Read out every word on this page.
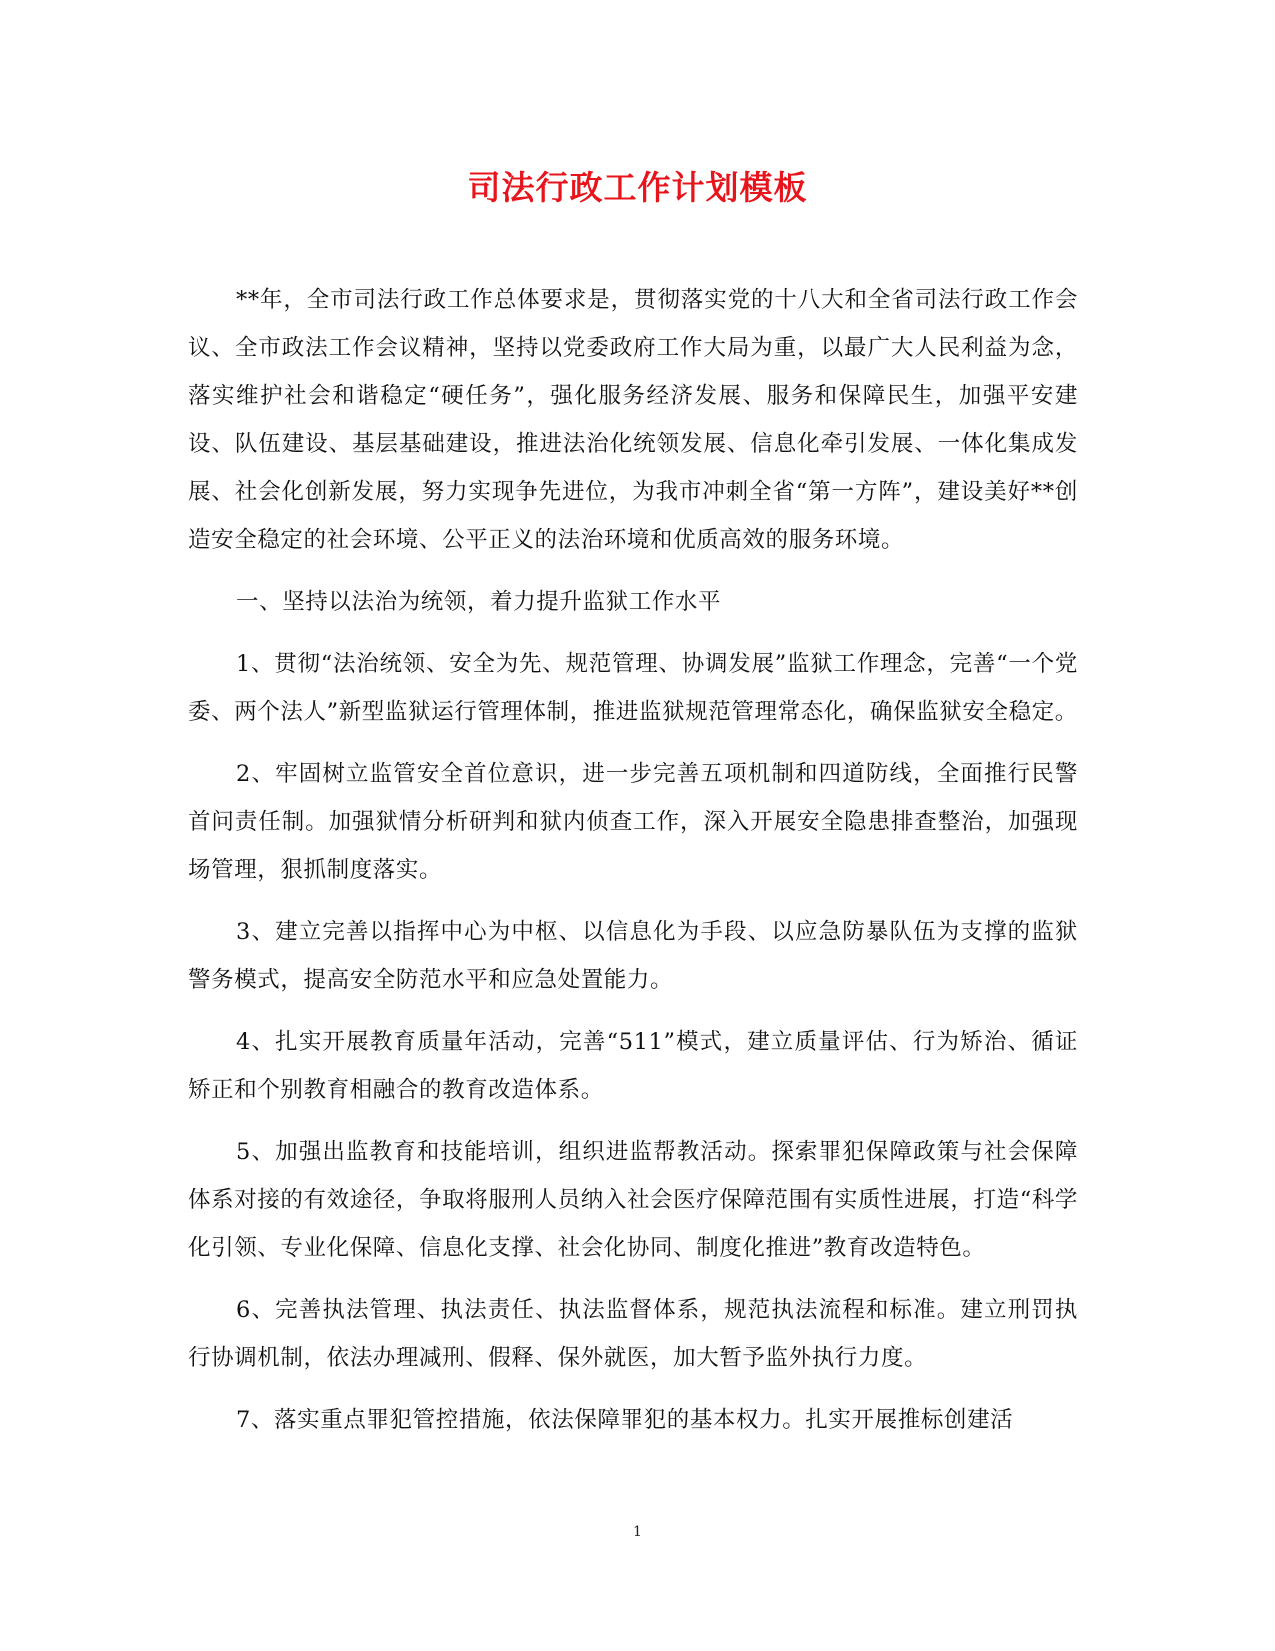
司法行政工作计划模板

**年，全市司法行政工作总体要求是，贯彻落实党的十八大和全省司法行政工作会议、全市政法工作会议精神，坚持以党委政府工作大局为重，以最广大人民利益为念，落实维护社会和谐稳定“硬任务”，强化服务经济发展、服务和保障民生，加强平安建设、队伍建设、基层基础建设，推进法治化统领发展、信息化牵引发展、一体化集成发展、社会化创新发展，努力实现争先进位，为我市冲刺全省“第一方阵”，建设美好**创造安全稳定的社会环境、公平正义的法治环境和优质高效的服务环境。

一、坚持以法治为统领，着力提升监狱工作水平

1、贯彻“法治统领、安全为先、规范管理、协调发展”监狱工作理念，完善“一个党委、两个法人”新型监狱运行管理体制，推进监狱规范管理常态化，确保监狱安全稳定。

2、牢固树立监管安全首位意识，进一步完善五项机制和四道防线，全面推行民警首问责任制。加强狱情分析研判和狱内侦查工作，深入开展安全隐患排查整治，加强现场管理，狠抓制度落实。

3、建立完善以指挥中心为中枢、以信息化为手段、以应急防暴队伍为支撑的监狱警务模式，提高安全防范水平和应急处置能力。

4、扎实开展教育质量年活动，完善“511”模式，建立质量评估、行为矫治、循证矫正和个别教育相融合的教育改造体系。

5、加强出监教育和技能培训，组织进监帮教活动。探索罪犯保障政策与社会保障体系对接的有效途径，争取将服刑人员纳入社会医疗保障范围有实质性进展，打造“科学化引领、专业化保障、信息化支撑、社会化协同、制度化推进”教育改造特色。

6、完善执法管理、执法责任、执法监督体系，规范执法流程和标准。建立刑罚执行协调机制，依法办理减刑、假释、保外就医，加大暂予监外执行力度。

7、落实重点罪犯管控措施，依法保障罪犯的基本权力。扎实开展推标创建活

1
